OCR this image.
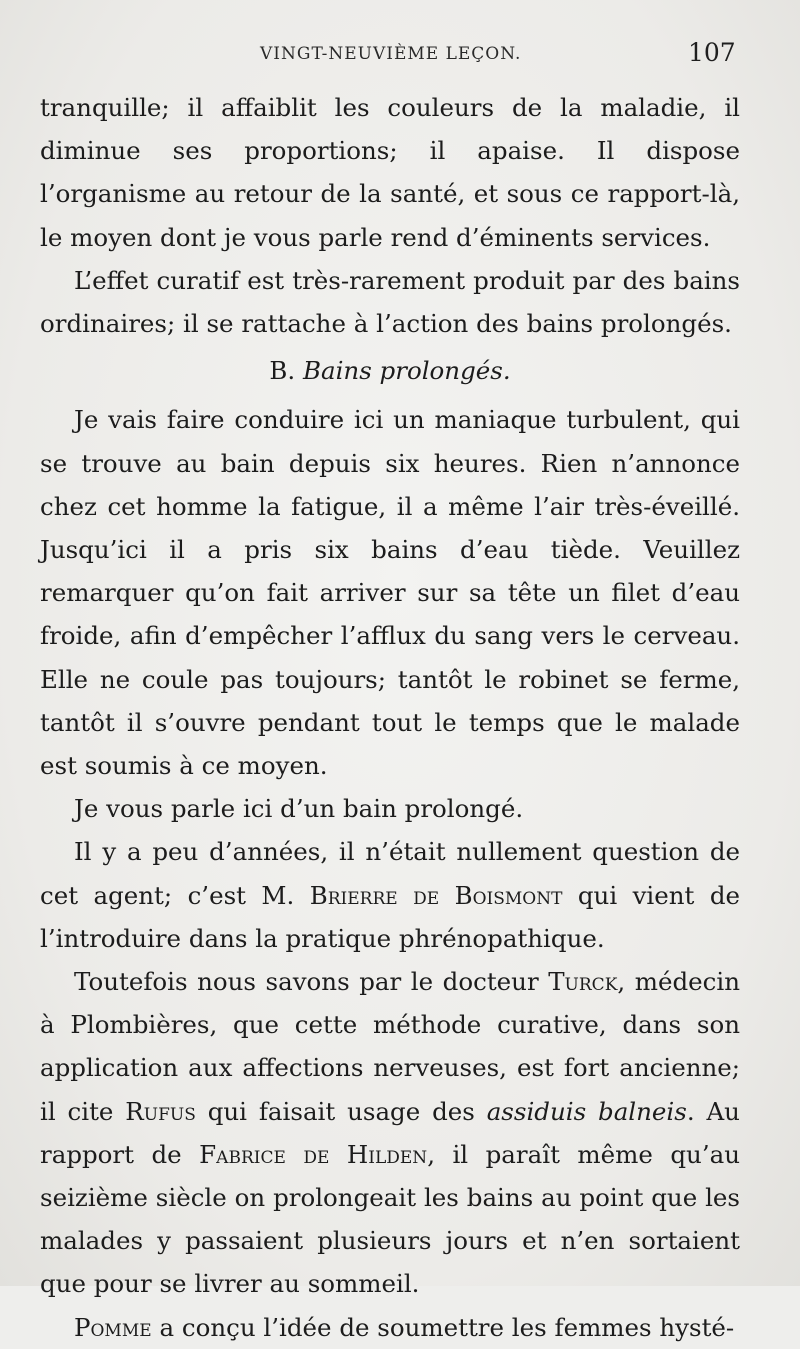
VINGT-NEUVIÈME LEÇON.	107

tranquille; il affaiblit les couleurs de la maladie, il diminue ses proportions; il apaise. Il dispose l’organisme au retour de la santé, et sous ce rapport-là, le moyen dont je vous parle rend d’éminents services.

L’effet curatif est très-rarement produit par des bains ordinaires; il se rattache à l’action des bains prolongés.

B. Bains prolongés.

Je vais faire conduire ici un maniaque turbulent, qui se trouve au bain depuis six heures. Rien n’annonce chez cet homme la fatigue, il a même l’air très-éveillé. Jusqu’ici il a pris six bains d’eau tiède. Veuillez remarquer qu’on fait arriver sur sa tête un filet d’eau froide, afin d’empêcher l’afflux du sang vers le cerveau. Elle ne coule pas toujours; tantôt le robinet se ferme, tantôt il s’ouvre pendant tout le temps que le malade est soumis à ce moyen.

Je vous parle ici d’un bain prolongé.

Il y a peu d’années, il n’était nullement question de cet agent; c’est M. Brierre de Boismont qui vient de l’introduire dans la pratique phrénopathique.

Toutefois nous savons par le docteur Turck, médecin à Plombières, que cette méthode curative, dans son application aux affections nerveuses, est fort ancienne; il cite Rufus qui faisait usage des assiduis balneis. Au rapport de Fabrice de Hilden, il paraît même qu’au seizième siècle on prolongeait les bains au point que les malades y passaient plusieurs jours et n’en sortaient que pour se livrer au sommeil.

Pomme a conçu l’idée de soumettre les femmes hysté-
